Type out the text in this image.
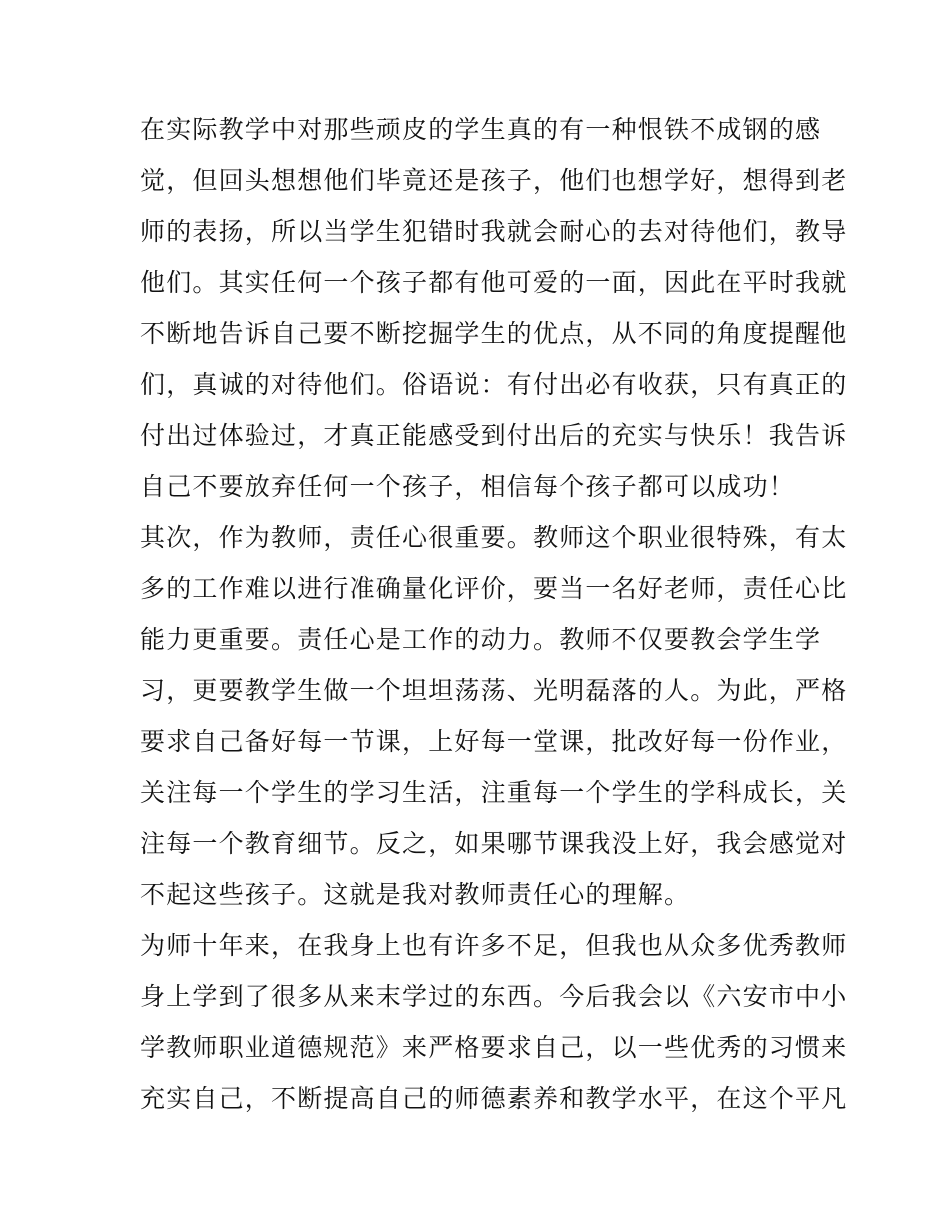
在实际教学中对那些顽皮的学生真的有一种恨铁不成钢的感
觉，但回头想想他们毕竟还是孩子，他们也想学好，想得到老
师的表扬，所以当学生犯错时我就会耐心的去对待他们，教导
他们。其实任何一个孩子都有他可爱的一面，因此在平时我就
不断地告诉自己要不断挖掘学生的优点，从不同的角度提醒他
们，真诚的对待他们。俗语说：有付出必有收获，只有真正的
付出过体验过，才真正能感受到付出后的充实与快乐！我告诉
自己不要放弃任何一个孩子，相信每个孩子都可以成功！
其次，作为教师，责任心很重要。教师这个职业很特殊，有太
多的工作难以进行准确量化评价，要当一名好老师，责任心比
能力更重要。责任心是工作的动力。教师不仅要教会学生学
习，更要教学生做一个坦坦荡荡、光明磊落的人。为此，严格
要求自己备好每一节课，上好每一堂课，批改好每一份作业，
关注每一个学生的学习生活，注重每一个学生的学科成长，关
注每一个教育细节。反之，如果哪节课我没上好，我会感觉对
不起这些孩子。这就是我对教师责任心的理解。
为师十年来，在我身上也有许多不足，但我也从众多优秀教师
身上学到了很多从来末学过的东西。今后我会以《六安市中小
学教师职业道德规范》来严格要求自己，以一些优秀的习惯来
充实自己，不断提高自己的师德素养和教学水平，在这个平凡
